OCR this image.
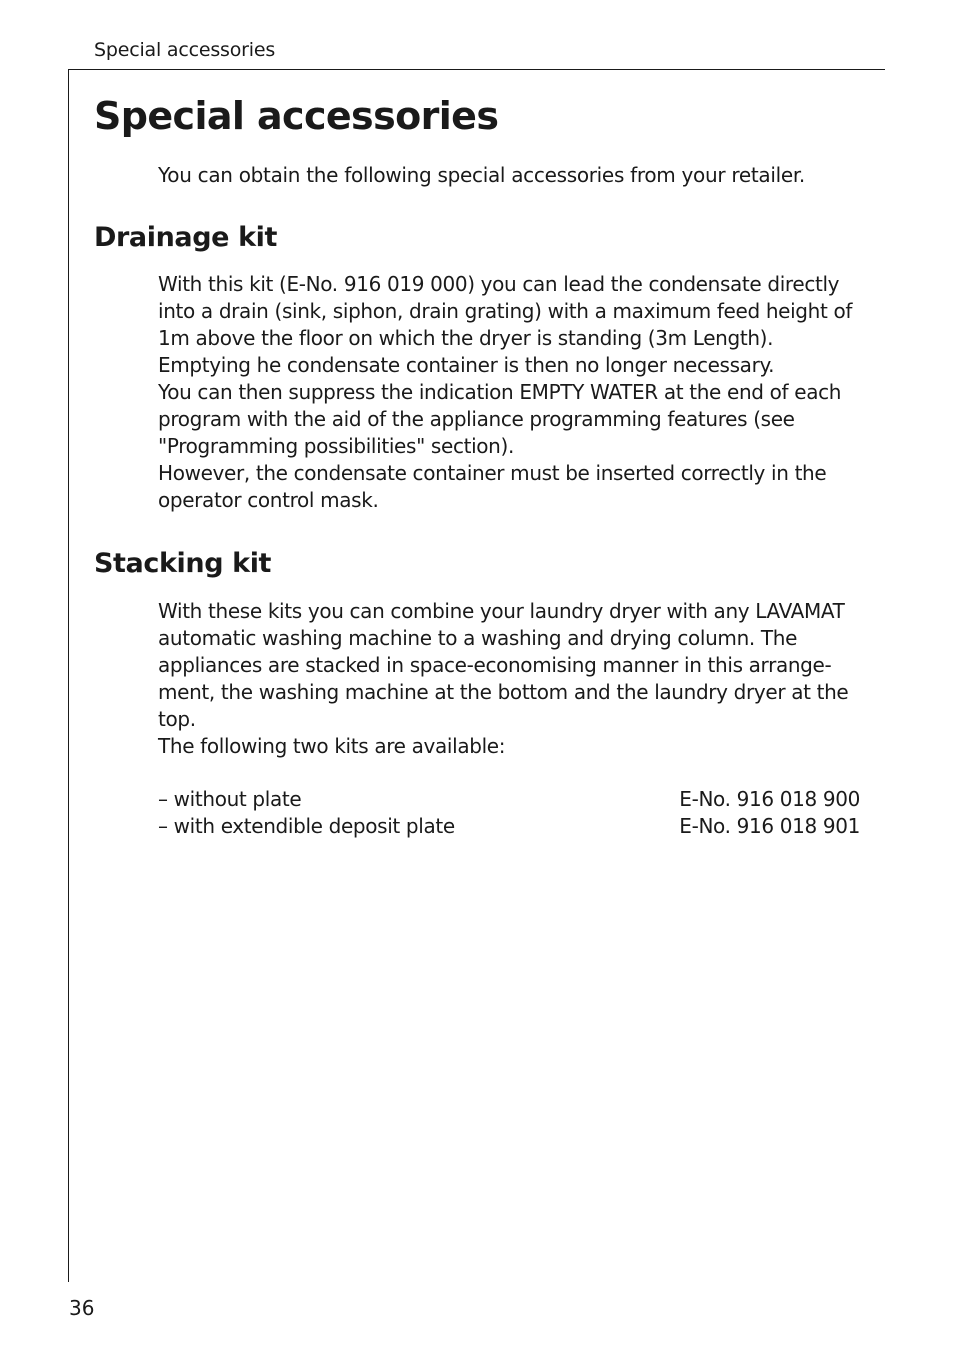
Special accessories
Special accessories

You can obtain the following special accessories from your retailer.

Drainage kit
With this kit (E-No. 916 019 000) you can lead the condensate directly
into a drain (sink, siphon, drain grating) with a maximum feed height of
1m above the floor on which the dryer is standing (3m Length).
Emptying he condensate container is then no longer necessary.
You can then suppress the indication EMPTY WATER at the end of each
program with the aid of the appliance programming features (see
"Programming possibilities" section).
However, the condensate container must be inserted correctly in the
operator control mask.
Stacking kit
With these kits you can combine your laundry dryer with any LAVAMAT
automatic washing machine to a washing and drying column. The
appliances are stacked in space-economising manner in this arrange-
ment, the washing machine at the bottom and the laundry dryer at the
top.
The following two kits are available:
– without plate	E-No. 916 018 900
– with extendible deposit plate	E-No. 916 018 901
36
